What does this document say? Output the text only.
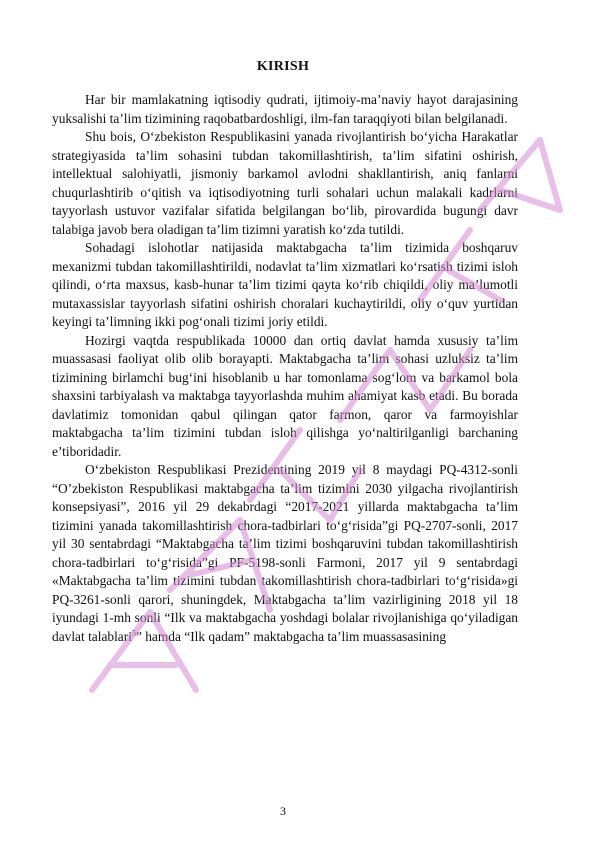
KIRISH

Har bir mamlakatning iqtisodiy qudrati, ijtimoiy-ma’naviy hayot darajasining yuksalishi ta’lim tizimining raqobatbardoshligi, ilm-fan taraqqiyoti bilan belgilanadi.

Shu bois, O‘zbekiston Respublikasini yanada rivojlantirish bo‘yicha Harakatlar strategiyasida ta’lim sohasini tubdan takomillashtirish, ta’lim sifatini oshirish, intellektual salohiyatli, jismoniy barkamol avlodni shakllantirish, aniq fanlarni chuqurlashtirib o‘qitish va iqtisodiyotning turli sohalari uchun malakali kadrlarni tayyorlash ustuvor vazifalar sifatida belgilangan bo‘lib, pirovardida bugungi davr talabiga javob bera oladigan ta’lim tizimni yaratish ko‘zda tutildi.

Sohadagi islohotlar natijasida maktabgacha ta’lim tizimida boshqaruv mexanizmi tubdan takomillashtirildi, nodavlat ta’lim xizmatlari ko‘rsatish tizimi isloh qilindi, o‘rta maxsus, kasb-hunar ta’lim tizimi qayta ko‘rib chiqildi, oliy ma’lumotli mutaxassislar tayyorlash sifatini oshirish choralari kuchaytirildi, oliy o‘quv yurtidan keyingi ta’limning ikki pog‘onali tizimi joriy etildi.

Hozirgi vaqtda respublikada 10000 dan ortiq davlat hamda xususiy ta’lim muassasasi faoliyat olib olib borayapti. Maktabgacha ta’lim sohasi uzluksiz ta’lim tizimining birlamchi bug‘ini hisoblanib u har tomonlama sog‘lom va barkamol bola shaxsini tarbiyalash va maktabga tayyorlashda muhim ahamiyat kasb etadi. Bu borada davlatimiz tomonidan qabul qilingan qator farmon, qaror va farmoyishlar maktabgacha ta’lim tizimini tubdan isloh qilishga yo‘naltirilganligi barchaning e’tiboridadir.

O‘zbekiston Respublikasi Prezidentining 2019 yil 8 maydagi PQ-4312-sonli “O’zbekiston Respublikasi maktabgacha ta’lim tizimini 2030 yilgacha rivojlantirish konsepsiyasi”, 2016 yil 29 dekabrdagi “2017-2021 yillarda maktabgacha ta’lim tizimini yanada takomillashtirish chora-tadbirlari to‘g‘risida”gi PQ-2707-sonli, 2017 yil 30 sentabrdagi “Maktabgacha ta’lim tizimi boshqaruvini tubdan takomillashtirish chora-tadbirlari to‘g‘risida”gi PF-5198-sonli Farmoni, 2017 yil 9 sentabrdagi «Maktabgacha ta’lim tizimini tubdan takomillashtirish chora-tadbirlari to‘g‘risida»gi PQ-3261-sonli qarori, shuningdek, Maktabgacha ta’lim vazirligining 2018 yil 18 iyundagi 1-mh sonli “Ilk va maktabgacha yoshdagi bolalar rivojlanishiga qo‘yiladigan davlat talablari$^5$” hamda “Ilk qadam” maktabgacha ta’lim muassasasining

3
